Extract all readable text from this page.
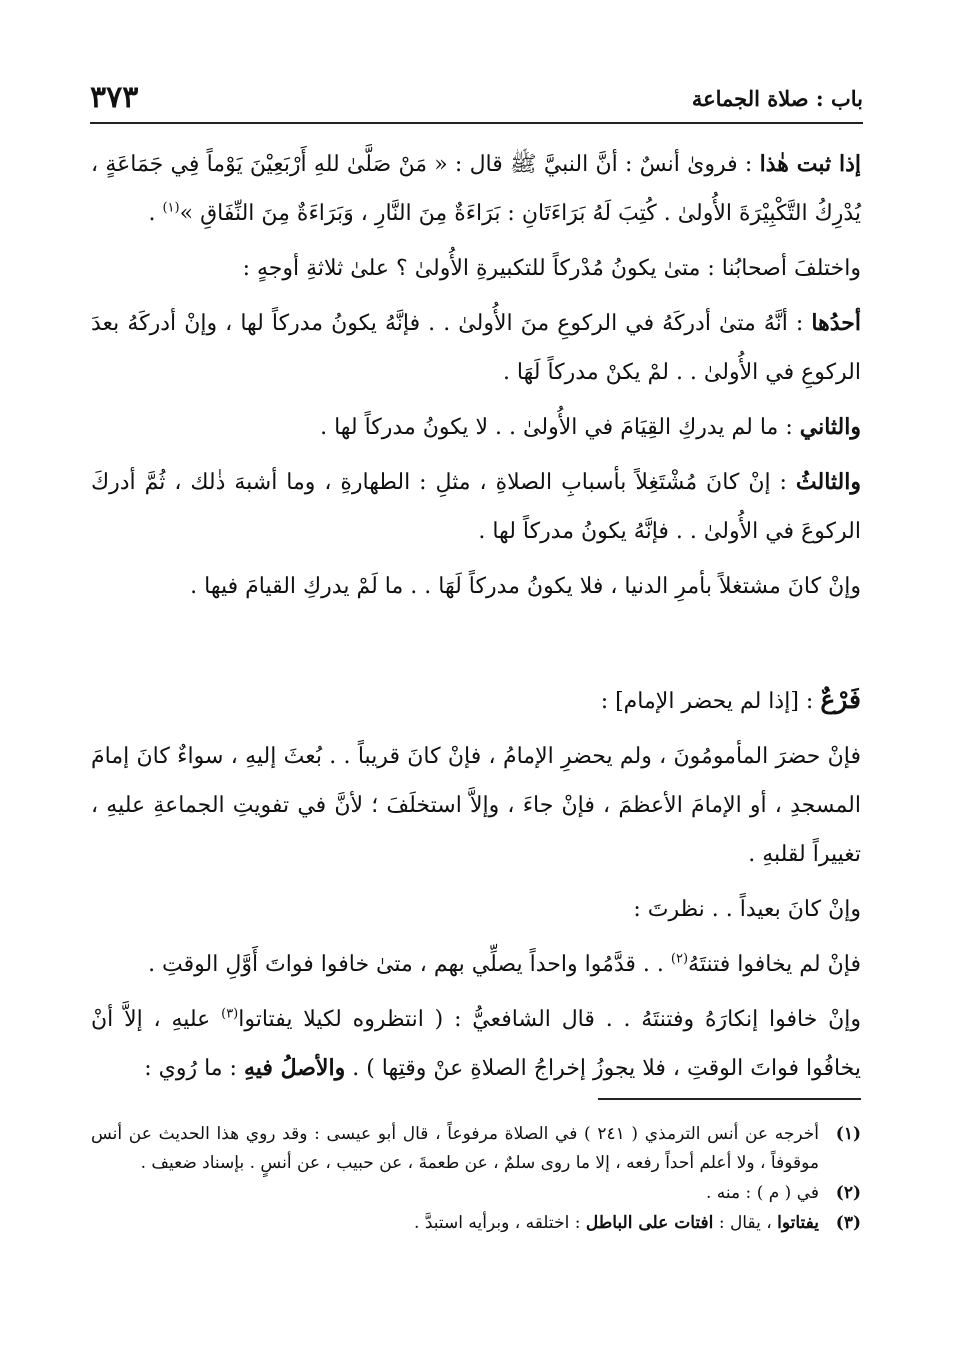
باب : صلاة الجماعة
٣٧٣

إذا ثبت هٰذا : فروىٰ أنسٌ : أنَّ النبيَّ ﷺ قال : « مَنْ صَلَّىٰ للهِ أَرْبَعِيْنَ يَوْماً فِي جَمَاعَةٍ ، يُدْرِكُ التَّكْبِيْرَةَ الأُولىٰ . كُتِبَ لَهُ بَرَاءَتَانِ : بَرَاءَةٌ مِنَ النَّارِ ، وَبَرَاءَةٌ مِنَ النِّفَاقِ »$^{(١)}$ .

واختلفَ أصحابُنا : متىٰ يكونُ مُدْركاً للتكبيرةِ الأُولىٰ ؟ علىٰ ثلاثةِ أوجهٍ :

أحدُها : أنَّهُ متىٰ أدركَهُ في الركوعِ منَ الأُولىٰ . . فإنَّهُ يكونُ مدركاً لها ، وإنْ أدركَهُ بعدَ الركوعِ في الأُولىٰ . . لمْ يكنْ مدركاً لَهَا .

والثاني : ما لم يدركِ القِيَامَ في الأُولىٰ . . لا يكونُ مدركاً لها .

والثالثُ : إنْ كانَ مُشْتَغِلاً بأسبابِ الصلاةِ ، مثلِ : الطهارةِ ، وما أشبهَ ذٰلك ، ثُمَّ أدركَ الركوعَ في الأُولىٰ . . فإنَّهُ يكونُ مدركاً لها .

وإنْ كانَ مشتغلاً بأمرِ الدنيا ، فلا يكونُ مدركاً لَهَا . . ما لَمْ يدركِ القيامَ فيها .

فَرْعٌ : [إذا لم يحضر الإمام] :

فإنْ حضرَ المأمومُونَ ، ولم يحضرِ الإمامُ ، فإنْ كانَ قريباً . . بُعثَ إليهِ ، سواءٌ كانَ إمامَ المسجدِ ، أو الإمامَ الأعظمَ ، فإنْ جاءَ ، وإلاَّ استخلَفَ ؛ لأنَّ في تفويتِ الجماعةِ عليهِ ، تغييراً لقلبهِ .

وإنْ كانَ بعيداً . . نظرتَ :

فإنْ لم يخافوا فتنتَهُ$^{(٢)}$ . . قدَّمُوا واحداً يصلِّي بهم ، متىٰ خافوا فواتَ أَوَّلِ الوقتِ .

وإنْ خافوا إنكارَهُ وفتنتَهُ . . قال الشافعيُّ : ( انتظروه لكيلا يفتاتوا$^{(٣)}$ عليهِ ، إلاَّ أنْ يخافُوا فواتَ الوقتِ ، فلا يجوزُ إخراجُ الصلاةِ عنْ وقتِها ) . والأصلُ فيهِ : ما رُوي :

(١)
أخرجه عن أنس الترمذي ( ٢٤١ ) في الصلاة مرفوعاً ، قال أبو عيسى : وقد روي هذا الحديث عن أنس موقوفاً ، ولا أعلم أحداً رفعه ، إلا ما روى سلمٌ ، عن طعمةَ ، عن حبيب ، عن أنسٍ . بإسناد ضعيف .
(٢)
في ( م ) : منه .
(٣)
يفتاتوا ، يقال : افتات على الباطل : اختلقه ، وبرأيه استبدَّ .
